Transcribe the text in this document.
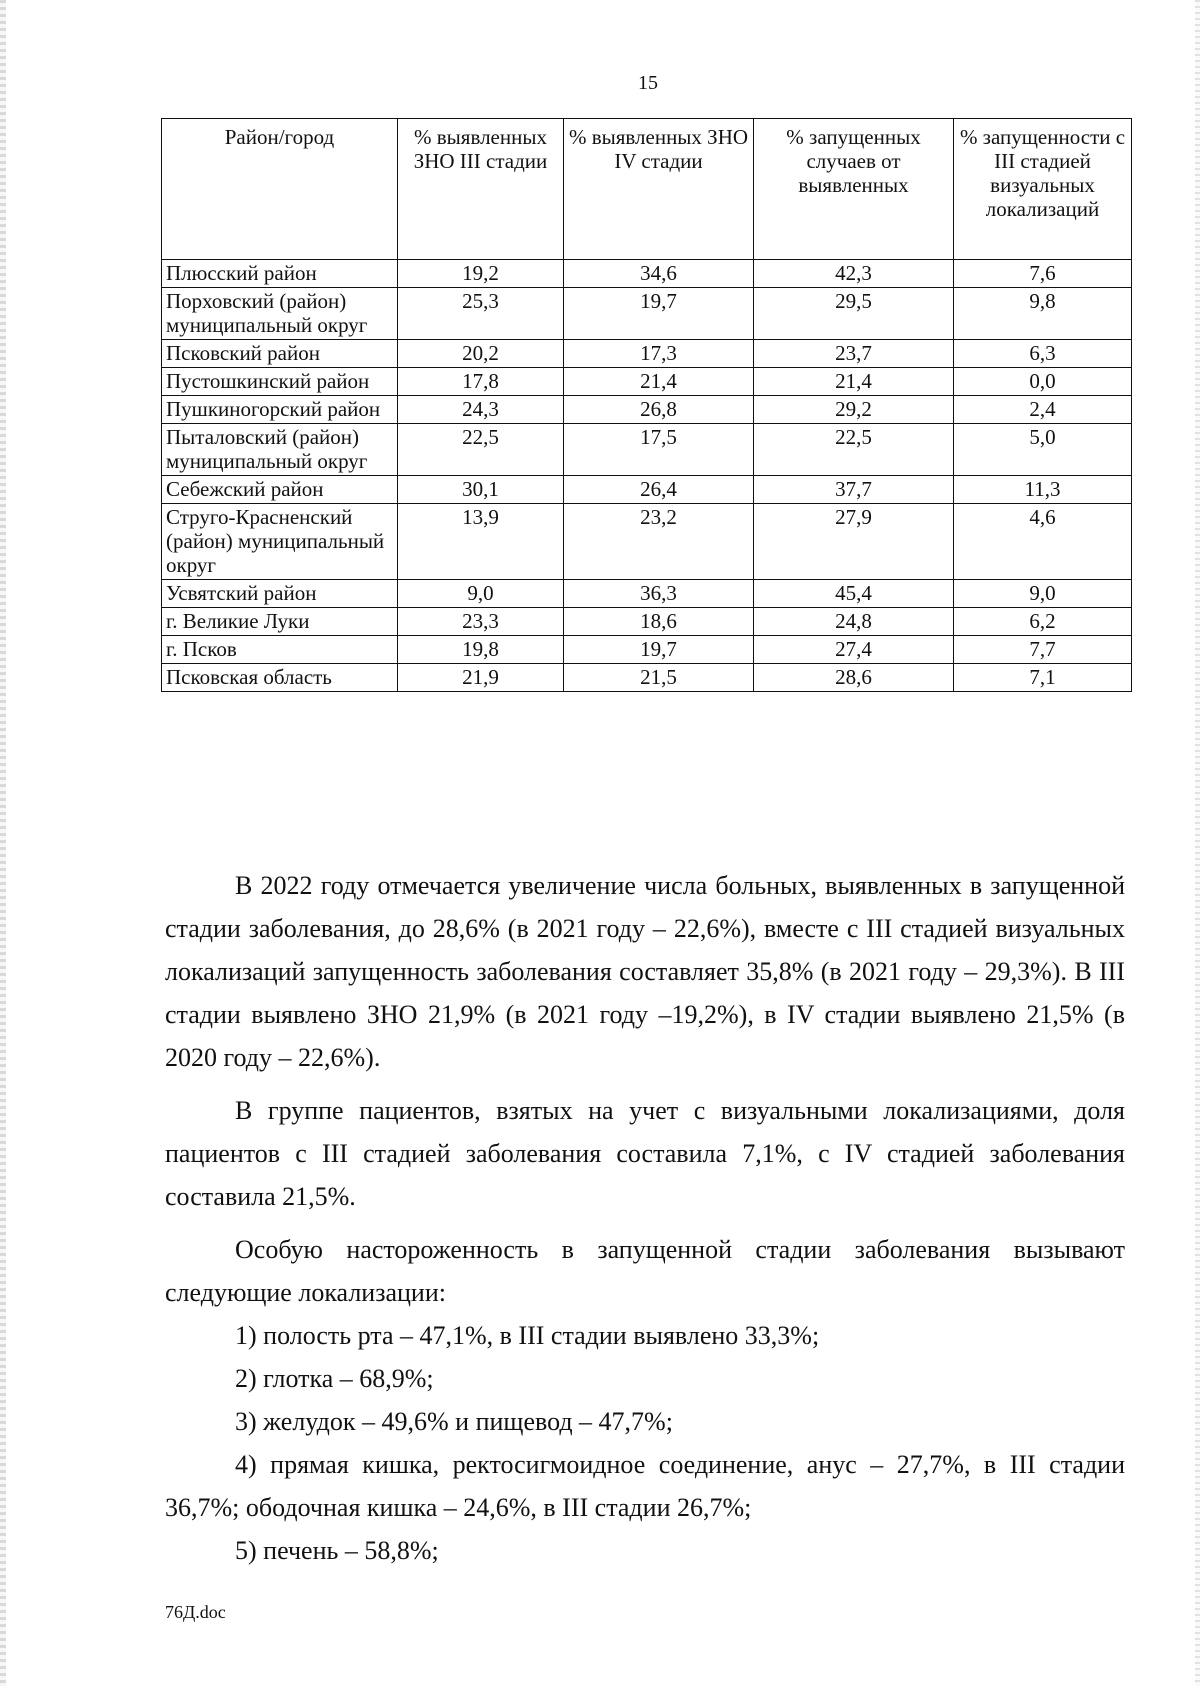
15
Район/город	% выявленных ЗНО III стадии	% выявленных ЗНО IV стадии	% запущенных случаев от выявленных	% запущенности с III стадией визуальных локализаций
Плюсский район	19,2	34,6	42,3	7,6
Порховский (район) муниципальный округ	25,3	19,7	29,5	9,8
Псковский район	20,2	17,3	23,7	6,3
Пустошкинский район	17,8	21,4	21,4	0,0
Пушкиногорский район	24,3	26,8	29,2	2,4
Пыталовский (район) муниципальный округ	22,5	17,5	22,5	5,0
Себежский район	30,1	26,4	37,7	11,3
Струго-Красненский (район) муниципальный округ	13,9	23,2	27,9	4,6
Усвятский район	9,0	36,3	45,4	9,0
г. Великие Луки	23,3	18,6	24,8	6,2
г. Псков	19,8	19,7	27,4	7,7
Псковская область	21,9	21,5	28,6	7,1

В 2022 году отмечается увеличение числа больных, выявленных в запущенной стадии заболевания, до 28,6% (в 2021 году – 22,6%), вместе с III стадией визуальных локализаций запущенность заболевания составляет 35,8% (в 2021 году – 29,3%). В III стадии выявлено ЗНО 21,9% (в 2021 году –19,2%), в IV стадии выявлено 21,5% (в 2020 году – 22,6%).

В группе пациентов, взятых на учет с визуальными локализациями, доля пациентов с III стадией заболевания составила 7,1%, с IV стадией заболевания составила 21,5%.

Особую настороженность в запущенной стадии заболевания вызывают следующие локализации:

1) полость рта – 47,1%, в III стадии выявлено 33,3%;

2) глотка – 68,9%;

3) желудок – 49,6% и пищевод – 47,7%;

4) прямая кишка, ректосигмоидное соединение, анус – 27,7%, в III стадии 36,7%; ободочная кишка – 24,6%, в III стадии 26,7%;

5) печень – 58,8%;

76Д.doc
